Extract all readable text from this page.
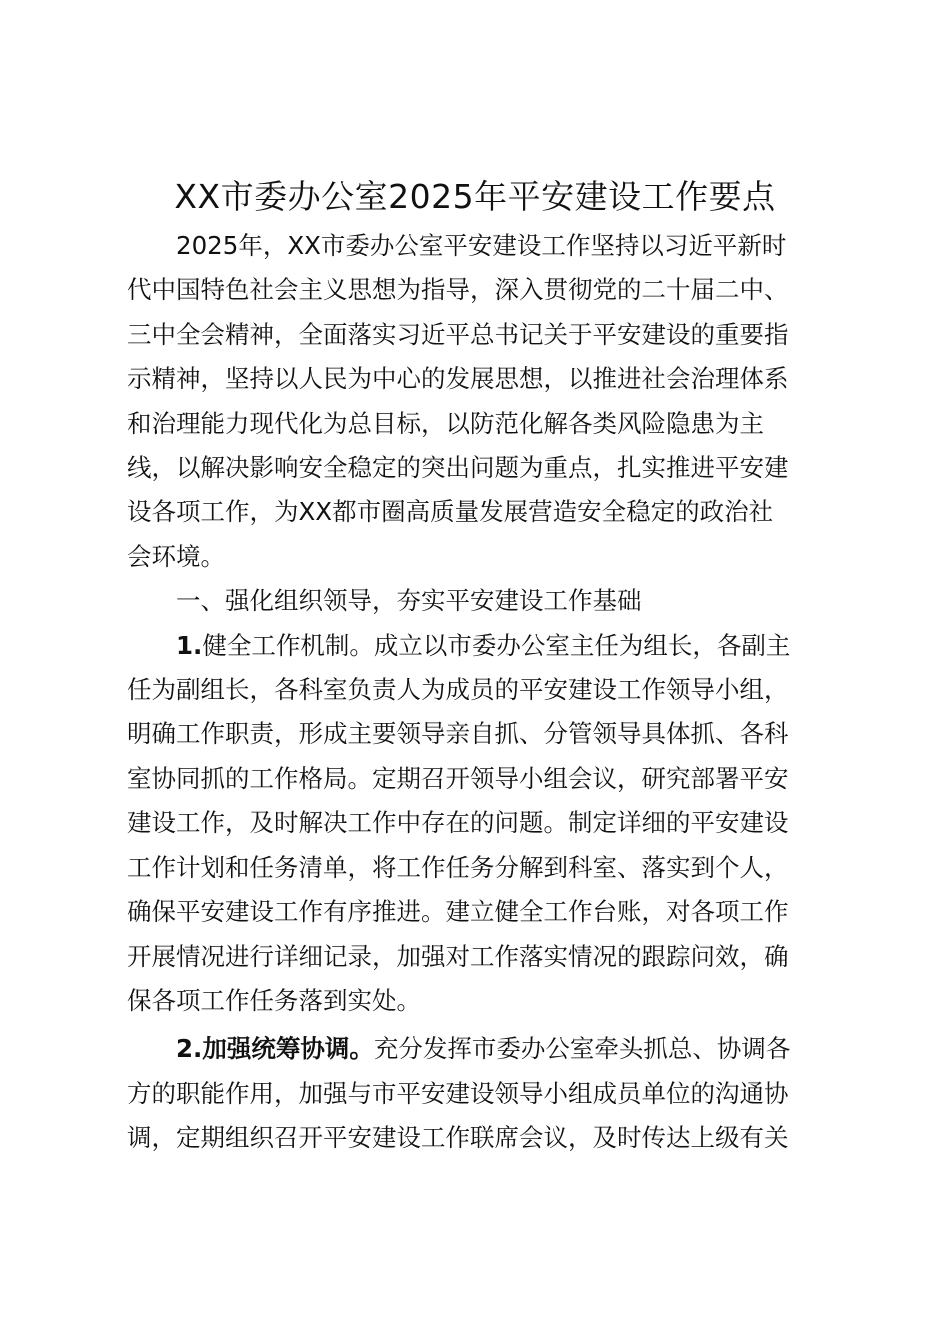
XX市委办公室2025年平安建设工作要点

2025年，XX市委办公室平安建设工作坚持以习近平新时
代中国特色社会主义思想为指导，深入贯彻党的二十届二中、
三中全会精神，全面落实习近平总书记关于平安建设的重要指
示精神，坚持以人民为中心的发展思想，以推进社会治理体系
和治理能力现代化为总目标，以防范化解各类风险隐患为主
线，以解决影响安全稳定的突出问题为重点，扎实推进平安建
设各项工作，为XX都市圈高质量发展营造安全稳定的政治社
会环境。

一、强化组织领导，夯实平安建设工作基础

1.健全工作机制。成立以市委办公室主任为组长，各副主
任为副组长，各科室负责人为成员的平安建设工作领导小组，
明确工作职责，形成主要领导亲自抓、分管领导具体抓、各科
室协同抓的工作格局。定期召开领导小组会议，研究部署平安
建设工作，及时解决工作中存在的问题。制定详细的平安建设
工作计划和任务清单，将工作任务分解到科室、落实到个人，
确保平安建设工作有序推进。建立健全工作台账，对各项工作
开展情况进行详细记录，加强对工作落实情况的跟踪问效，确
保各项工作任务落到实处。

2.加强统筹协调。充分发挥市委办公室牵头抓总、协调各
方的职能作用，加强与市平安建设领导小组成员单位的沟通协
调，定期组织召开平安建设工作联席会议，及时传达上级有关
